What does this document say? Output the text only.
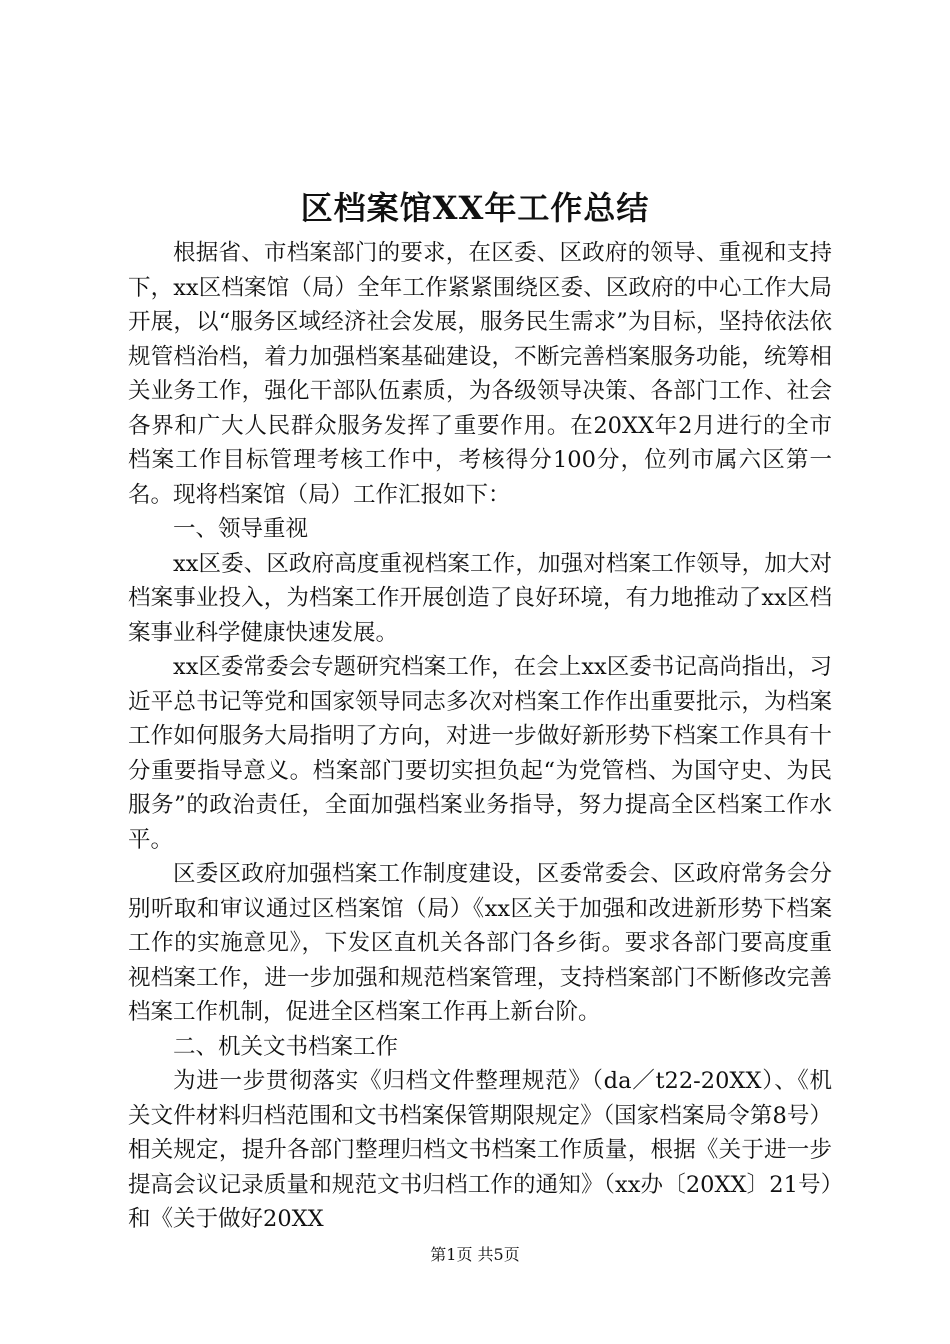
区档案馆XX年工作总结

根据省、市档案部门的要求，在区委、区政府的领导、重视和支持下，xx区档案馆（局）全年工作紧紧围绕区委、区政府的中心工作大局开展，以“服务区域经济社会发展，服务民生需求”为目标，坚持依法依规管档治档，着力加强档案基础建设，不断完善档案服务功能，统筹相关业务工作，强化干部队伍素质，为各级领导决策、各部门工作、社会各界和广大人民群众服务发挥了重要作用。在20XX年2月进行的全市档案工作目标管理考核工作中，考核得分100分，位列市属六区第一名。现将档案馆（局）工作汇报如下：

一、领导重视

xx区委、区政府高度重视档案工作，加强对档案工作领导，加大对档案事业投入，为档案工作开展创造了良好环境，有力地推动了xx区档案事业科学健康快速发展。

xx区委常委会专题研究档案工作，在会上xx区委书记高尚指出，习近平总书记等党和国家领导同志多次对档案工作作出重要批示，为档案工作如何服务大局指明了方向，对进一步做好新形势下档案工作具有十分重要指导意义。档案部门要切实担负起“为党管档、为国守史、为民服务”的政治责任，全面加强档案业务指导，努力提高全区档案工作水平。

区委区政府加强档案工作制度建设，区委常委会、区政府常务会分别听取和审议通过区档案馆（局）《xx区关于加强和改进新形势下档案工作的实施意见》，下发区直机关各部门各乡街。要求各部门要高度重视档案工作，进一步加强和规范档案管理，支持档案部门不断修改完善档案工作机制，促进全区档案工作再上新台阶。

二、机关文书档案工作

为进一步贯彻落实《归档文件整理规范》（da／t22-20XX）、《机关文件材料归档范围和文书档案保管期限规定》（国家档案局令第8号）相关规定，提升各部门整理归档文书档案工作质量，根据《关于进一步提高会议记录质量和规范文书归档工作的通知》（xx办〔20XX〕21号）和《关于做好20XX

第1页 共5页
